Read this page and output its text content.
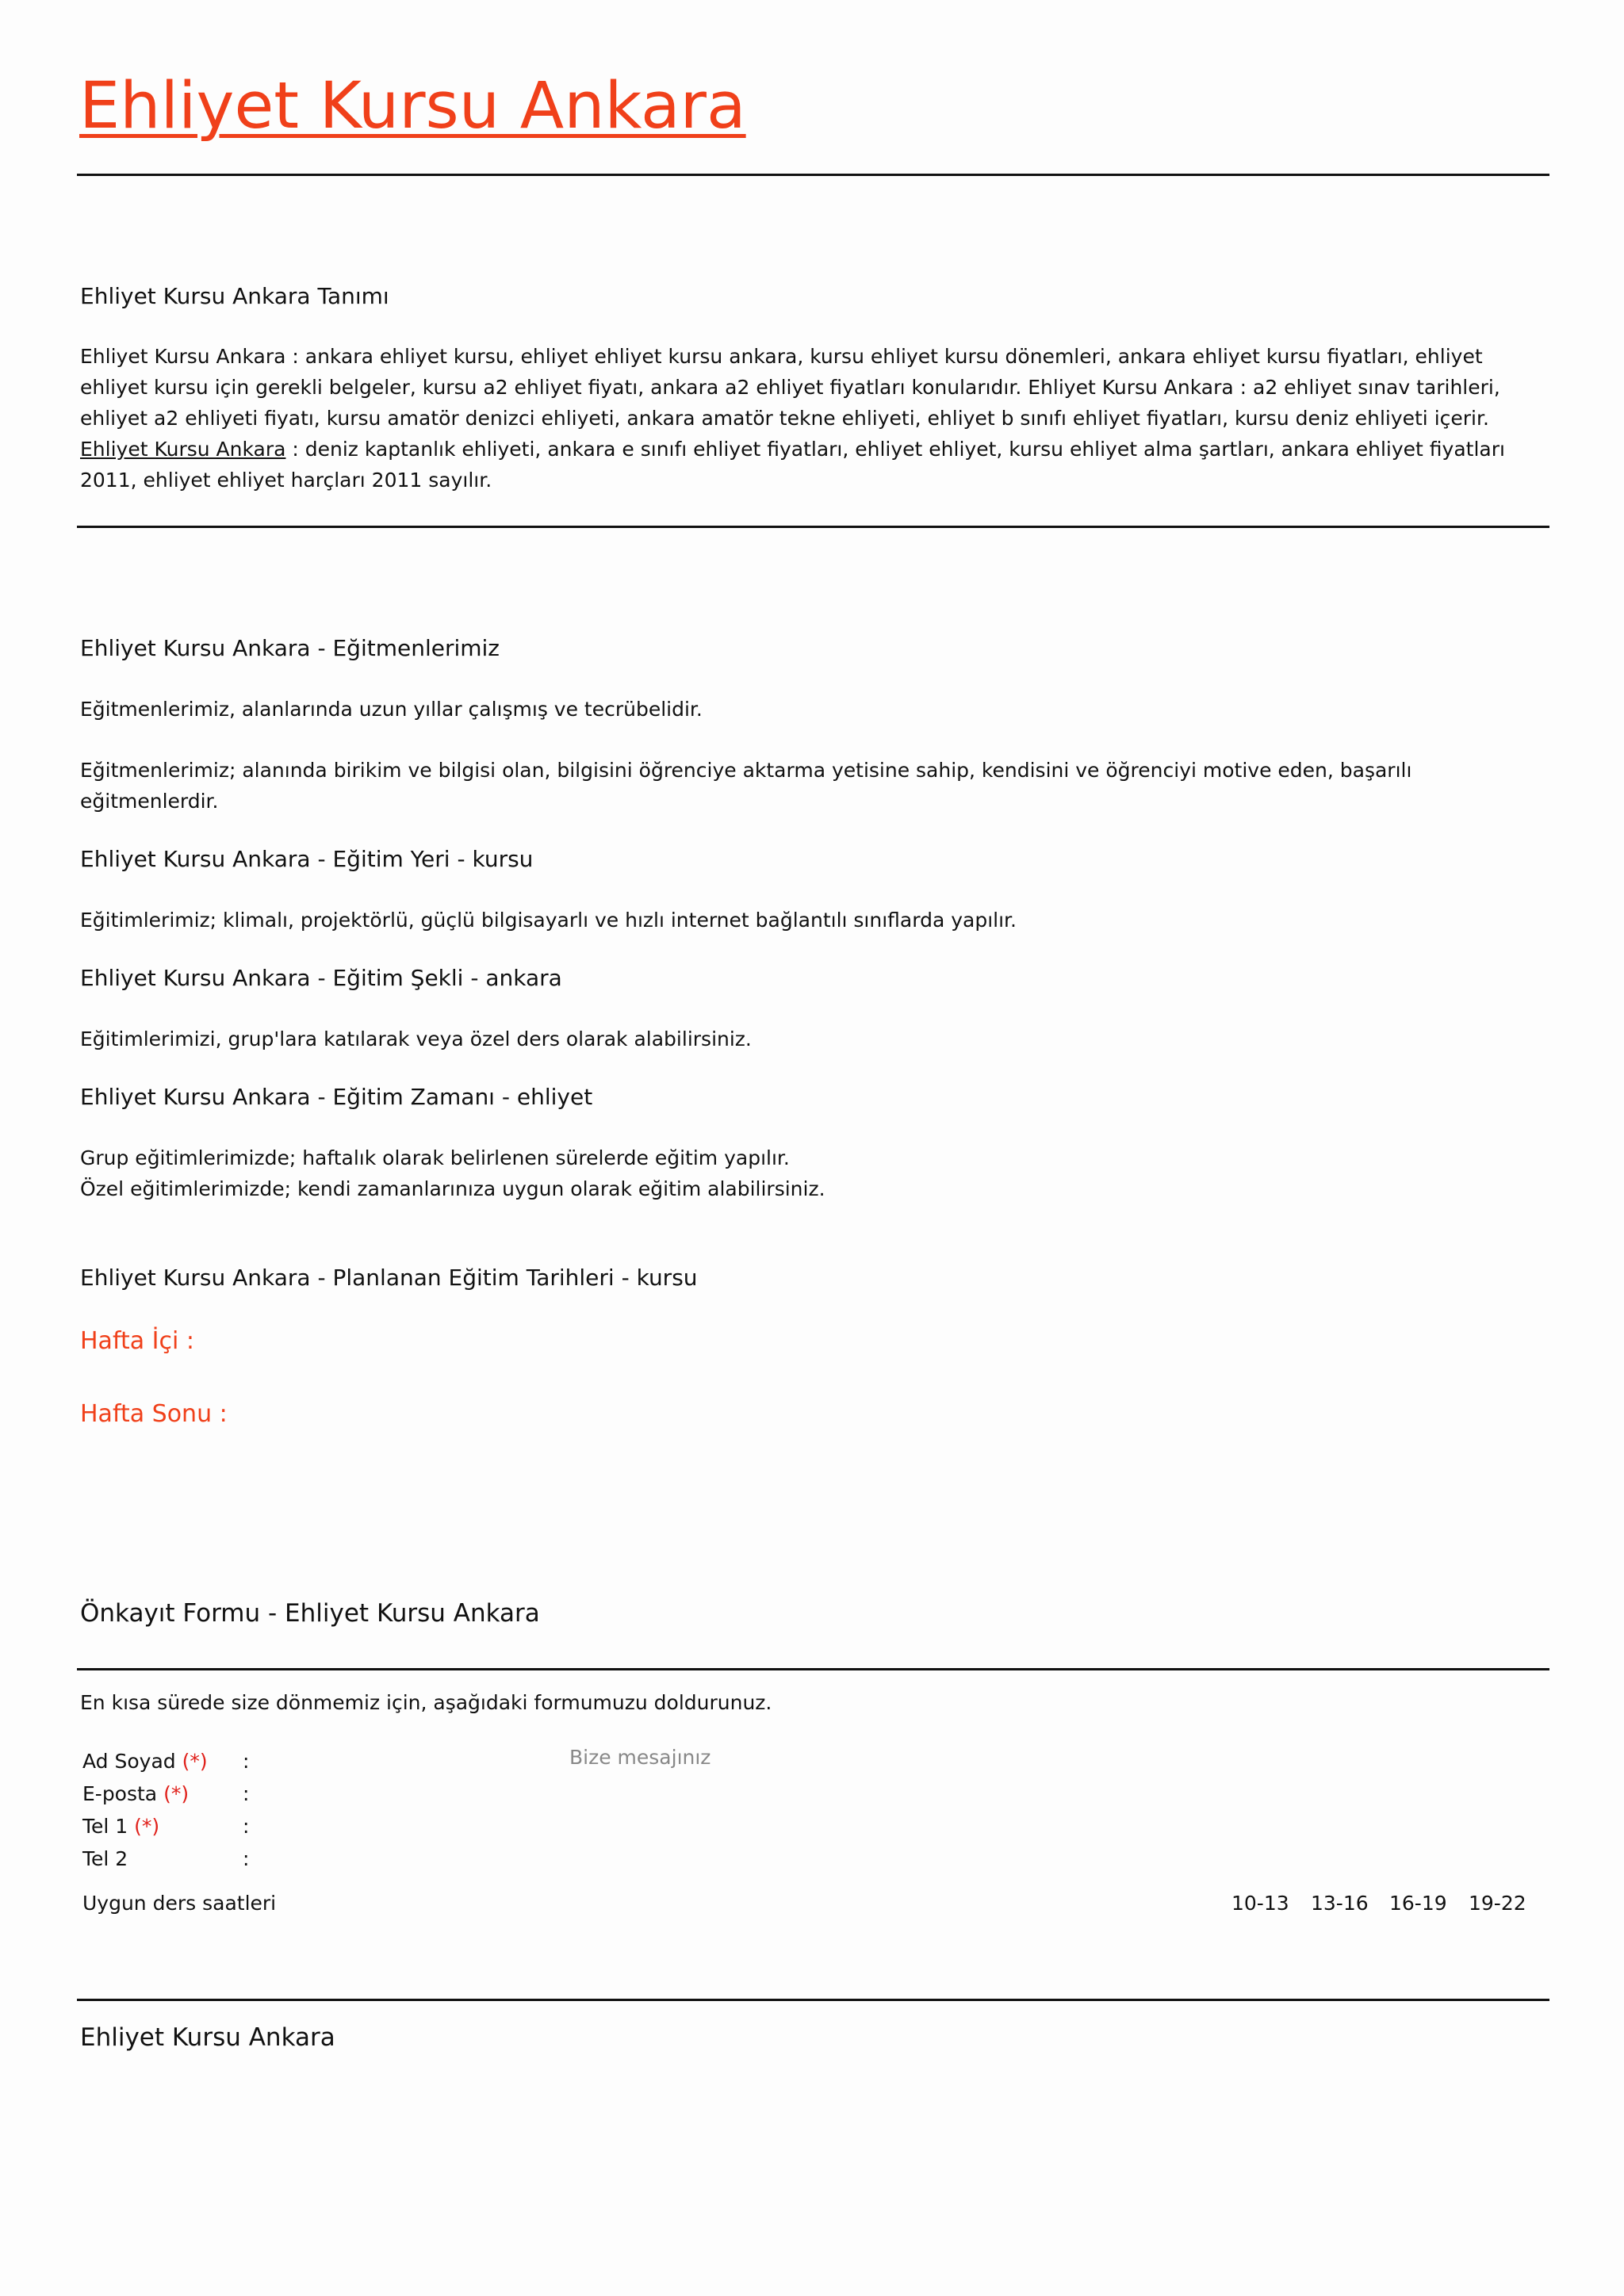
Ehliyet Kursu Ankara
Ehliyet Kursu Ankara Tanımı
Ehliyet Kursu Ankara : ankara ehliyet kursu, ehliyet ehliyet kursu ankara, kursu ehliyet kursu dönemleri, ankara ehliyet kursu fiyatları, ehliyet ehliyet kursu için gerekli belgeler, kursu a2 ehliyet fiyatı, ankara a2 ehliyet fiyatları konularıdır. Ehliyet Kursu Ankara : a2 ehliyet sınav tarihleri, ehliyet a2 ehliyeti fiyatı, kursu amatör denizci ehliyeti, ankara amatör tekne ehliyeti, ehliyet b sınıfı ehliyet fiyatları, kursu deniz ehliyeti içerir. Ehliyet Kursu Ankara : deniz kaptanlık ehliyeti, ankara e sınıfı ehliyet fiyatları, ehliyet ehliyet, kursu ehliyet alma şartları, ankara ehliyet fiyatları 2011, ehliyet ehliyet harçları 2011 sayılır.
Ehliyet Kursu Ankara - Eğitmenlerimiz
Eğitmenlerimiz, alanlarında uzun yıllar çalışmış ve tecrübelidir.
Eğitmenlerimiz; alanında birikim ve bilgisi olan, bilgisini öğrenciye aktarma yetisine sahip, kendisini ve öğrenciyi motive eden, başarılı eğitmenlerdir.
Ehliyet Kursu Ankara - Eğitim Yeri - kursu
Eğitimlerimiz; klimalı, projektörlü, güçlü bilgisayarlı ve hızlı internet bağlantılı sınıflarda yapılır.
Ehliyet Kursu Ankara - Eğitim Şekli - ankara
Eğitimlerimizi, grup'lara katılarak veya özel ders olarak alabilirsiniz.
Ehliyet Kursu Ankara - Eğitim Zamanı - ehliyet
Grup eğitimlerimizde; haftalık olarak belirlenen sürelerde eğitim yapılır.
Özel eğitimlerimizde; kendi zamanlarınıza uygun olarak eğitim alabilirsiniz.
Ehliyet Kursu Ankara - Planlanan Eğitim Tarihleri - kursu
Hafta İçi :
Hafta Sonu :
Önkayıt Formu - Ehliyet Kursu Ankara
En kısa sürede size dönmemiz için, aşağıdaki formumuzu doldurunuz.
Ad Soyad (*) :
E-posta (*)	:
Tel 1 (*)	:
Tel 2	:
Bize mesajınız
Uygun ders saatleri	10-13 13-16 16-19 19-22
Ehliyet Kursu Ankara
